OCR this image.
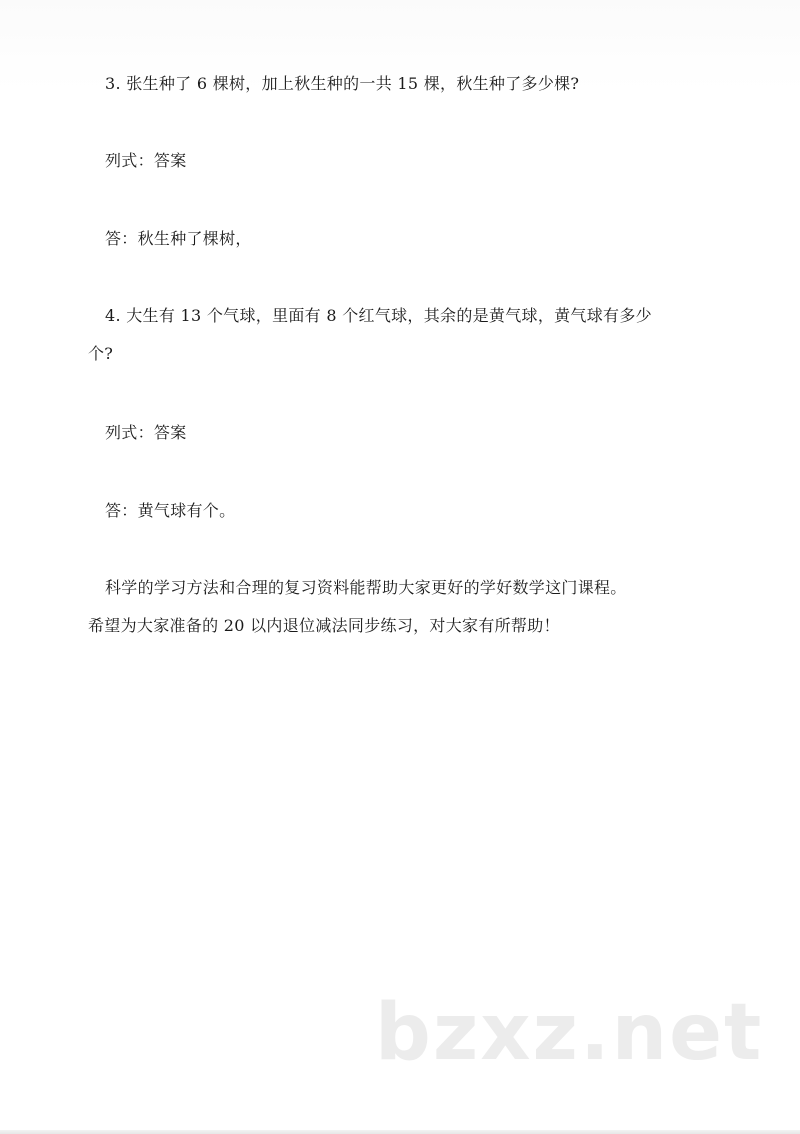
3. 张生种了 6 棵树，加上秋生种的一共 15 棵，秋生种了多少棵?
列式：答案
答：秋生种了棵树，
4. 大生有 13 个气球，里面有 8 个红气球，其余的是黄气球，黄气球有多少
个?
列式：答案
答：黄气球有个。
科学的学习方法和合理的复习资料能帮助大家更好的学好数学这门课程。
希望为大家准备的 20 以内退位减法同步练习，对大家有所帮助！
bzxz.net
